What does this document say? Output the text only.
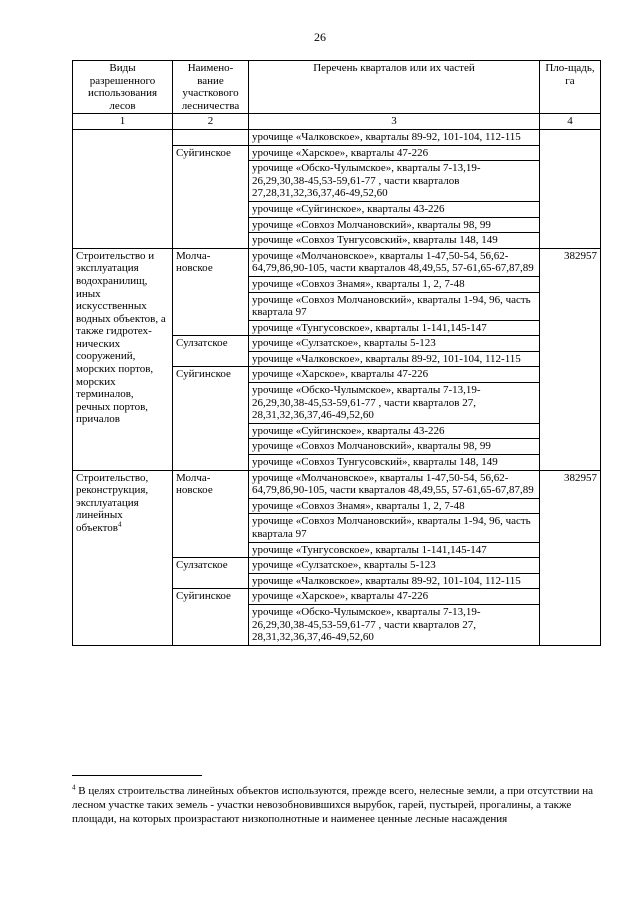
26
Виды разрешенного использования лесов	Наимено-вание участкового лесничества	Перечень кварталов или их частей	Пло-щадь, га
1	2	3	4
		урочище «Чалковское», кварталы 89-92, 101-104, 112-115	
	Суйгинское	урочище «Харское», кварталы 47-226	
		урочище «Обско-Чулымское», кварталы 7-13,19-26,29,30,38-45,53-59,61-77 , части кварталов 27,28,31,32,36,37,46-49,52,60	
		урочище «Суйгинское», кварталы 43-226	
		урочище «Совхоз Молчановский», кварталы 98, 99	
		урочище «Совхоз Тунгусовский», кварталы 148, 149	
Строительство и эксплуатация водохранилищ, иных искусственных водных объектов, а также гидротех-нических сооружений, морских портов, морских терминалов, речных портов, причалов	Молча-новское	урочище «Молчановское», кварталы 1-47,50-54, 56,62-64,79,86,90-105, части кварталов 48,49,55, 57-61,65-67,87,89	382957
		урочище «Совхоз Знамя», кварталы 1, 2, 7-48	
		урочище «Совхоз Молчановский», кварталы 1-94, 96, часть квартала 97	
		урочище «Тунгусовское», кварталы 1-141,145-147	
	Сулзатское	урочище «Сулзатское», кварталы 5-123	
		урочище «Чалковское», кварталы 89-92, 101-104, 112-115	
	Суйгинское	урочище «Харское», кварталы 47-226	
		урочище «Обско-Чулымское», кварталы 7-13,19-26,29,30,38-45,53-59,61-77 , части кварталов 27, 28,31,32,36,37,46-49,52,60	
		урочище «Суйгинское», кварталы 43-226	
		урочище «Совхоз Молчановский», кварталы 98, 99	
		урочище «Совхоз Тунгусовский», кварталы 148, 149	
Строительство, реконструкция, эксплуатация линейных объектов$^4$	Молча-новское	урочище «Молчановское», кварталы 1-47,50-54, 56,62-64,79,86,90-105, части кварталов 48,49,55, 57-61,65-67,87,89	382957
		урочище «Совхоз Знамя», кварталы 1, 2, 7-48	
		урочище «Совхоз Молчановский», кварталы 1-94, 96, часть квартала 97	
		урочище «Тунгусовское», кварталы 1-141,145-147	
	Сулзатское	урочище «Сулзатское», кварталы 5-123	
		урочище «Чалковское», кварталы 89-92, 101-104, 112-115	
	Суйгинское	урочище «Харское», кварталы 47-226	
		урочище «Обско-Чулымское», кварталы 7-13,19-26,29,30,38-45,53-59,61-77 , части кварталов 27, 28,31,32,36,37,46-49,52,60	
$^4$ В целях строительства линейных объектов используются, прежде всего, нелесные земли, а при отсутствии на лесном участке таких земель - участки невозобновившихся вырубок, гарей, пустырей, прогалины, а также площади, на которых произрастают низкополнотные и наименее ценные лесные насаждения
